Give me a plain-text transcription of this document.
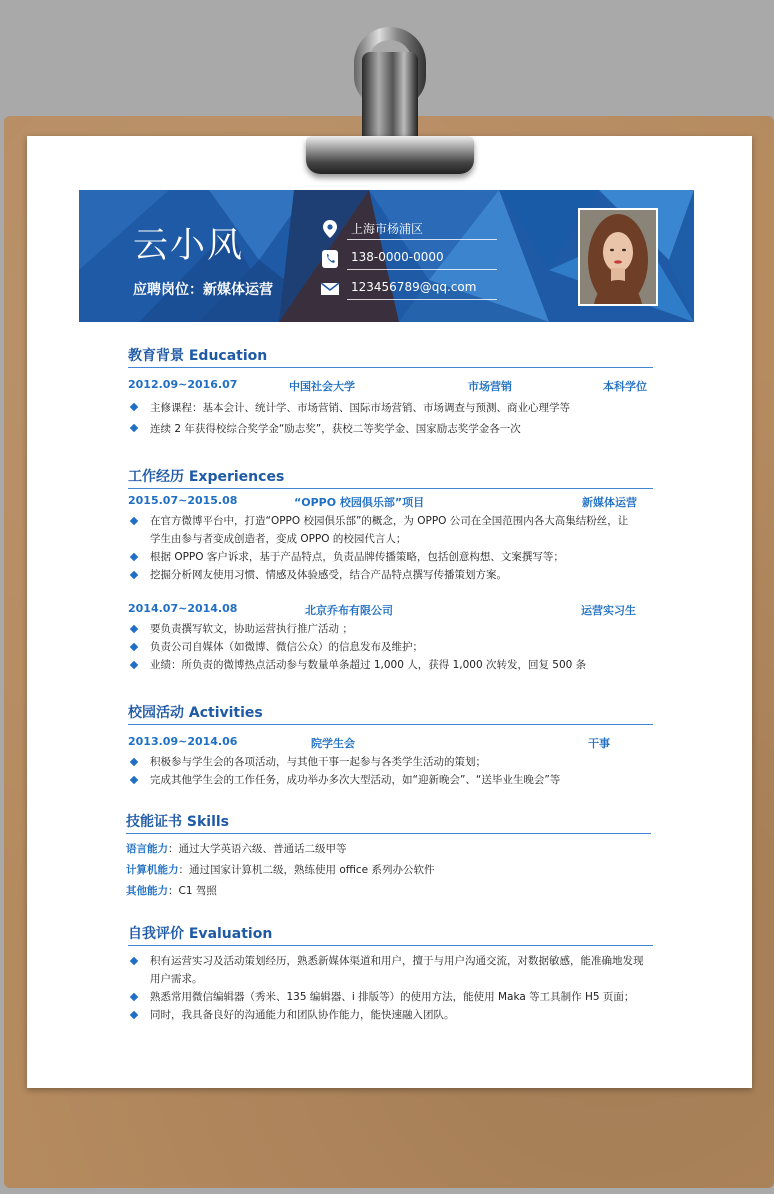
云小风
应聘岗位：新媒体运营
上海市杨浦区
138-0000-0000
123456789@qq.com
教育背景 Education
2012.09~2016.07	中国社会大学	市场营销	本科学位
主修课程：基本会计、统计学、市场营销、国际市场营销、市场调查与预测、商业心理学等
连续 2 年获得校综合奖学金“励志奖”，获校二等奖学金、国家励志奖学金各一次
工作经历 Experiences
2015.07~2015.08	“OPPO 校园俱乐部”项目	新媒体运营
在官方微博平台中，打造“OPPO 校园俱乐部”的概念，为 OPPO 公司在全国范围内各大高集结粉丝，让
学生由参与者变成创造者，变成 OPPO 的校园代言人；
根据 OPPO 客户诉求，基于产品特点，负责品牌传播策略，包括创意构想、文案撰写等；
挖掘分析网友使用习惯、情感及体验感受，结合产品特点撰写传播策划方案。
2014.07~2014.08	北京乔布有限公司	运营实习生
要负责撰写软文，协助运营执行推广活动 ；
负责公司自媒体（如微博、微信公众）的信息发布及维护；
业绩：所负责的微博热点活动参与数量单条超过 1,000 人，获得 1,000 次转发，回复 500 条
校园活动 Activities
2013.09~2014.06	院学生会	干事
积极参与学生会的各项活动，与其他干事一起参与各类学生活动的策划；
完成其他学生会的工作任务，成功举办多次大型活动，如“迎新晚会”、“送毕业生晚会”等
技能证书 Skills
语言能力：通过大学英语六级、普通话二级甲等
计算机能力：通过国家计算机二级，熟练使用 office 系列办公软件
其他能力：C1 驾照
自我评价 Evaluation
积有运营实习及活动策划经历，熟悉新媒体渠道和用户，擅于与用户沟通交流，对数据敏感，能准确地发现
用户需求。
熟悉常用微信编辑器（秀米、135 编辑器、i 排版等）的使用方法，能使用 Maka 等工具制作 H5 页面；
同时，我具备良好的沟通能力和团队协作能力，能快速融入团队。
